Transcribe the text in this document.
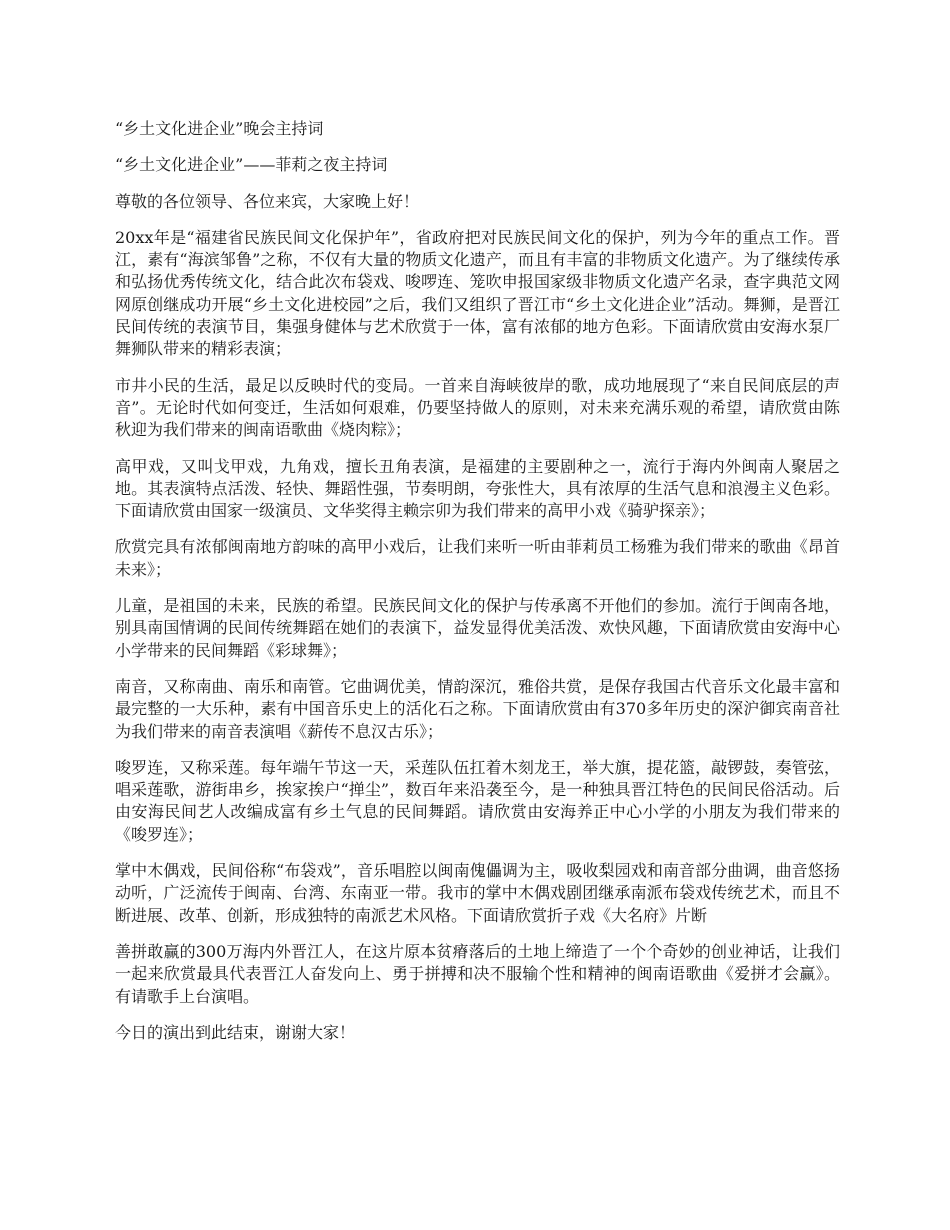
“乡土文化进企业”晚会主持词

“乡土文化进企业”——菲莉之夜主持词

尊敬的各位领导、各位来宾，大家晚上好！

20xx年是“福建省民族民间文化保护年”，省政府把对民族民间文化的保护，列为今年的重点工作。晋江，素有“海滨邹鲁”之称，不仅有大量的物质文化遗产，而且有丰富的非物质文化遗产。为了继续传承和弘扬优秀传统文化，结合此次布袋戏、唆啰连、笼吹申报国家级非物质文化遗产名录，查字典范文网网原创继成功开展“乡土文化进校园”之后，我们又组织了晋江市“乡土文化进企业”活动。舞狮，是晋江民间传统的表演节目，集强身健体与艺术欣赏于一体，富有浓郁的地方色彩。下面请欣赏由安海水泵厂舞狮队带来的精彩表演；

市井小民的生活，最足以反映时代的变局。一首来自海峡彼岸的歌，成功地展现了“来自民间底层的声音”。无论时代如何变迁，生活如何艰难，仍要坚持做人的原则，对未来充满乐观的希望，请欣赏由陈秋迎为我们带来的闽南语歌曲《烧肉粽》；

高甲戏，又叫戈甲戏，九角戏，擅长丑角表演，是福建的主要剧种之一，流行于海内外闽南人聚居之地。其表演特点活泼、轻快、舞蹈性强，节奏明朗，夸张性大，具有浓厚的生活气息和浪漫主义色彩。下面请欣赏由国家一级演员、文华奖得主赖宗卯为我们带来的高甲小戏《骑驴探亲》；

欣赏完具有浓郁闽南地方韵味的高甲小戏后，让我们来听一听由菲莉员工杨雅为我们带来的歌曲《昂首未来》；

儿童，是祖国的未来，民族的希望。民族民间文化的保护与传承离不开他们的参加。流行于闽南各地，别具南国情调的民间传统舞蹈在她们的表演下，益发显得优美活泼、欢快风趣，下面请欣赏由安海中心小学带来的民间舞蹈《彩球舞》；

南音，又称南曲、南乐和南管。它曲调优美，情韵深沉，雅俗共赏，是保存我国古代音乐文化最丰富和最完整的一大乐种，素有中国音乐史上的活化石之称。下面请欣赏由有370多年历史的深沪御宾南音社为我们带来的南音表演唱《薪传不息汉古乐》；

唆罗连，又称采莲。每年端午节这一天，采莲队伍扛着木刻龙王，举大旗，提花篮，敲锣鼓，奏管弦，唱采莲歌，游街串乡，挨家挨户“掸尘”，数百年来沿袭至今，是一种独具晋江特色的民间民俗活动。后由安海民间艺人改编成富有乡土气息的民间舞蹈。请欣赏由安海养正中心小学的小朋友为我们带来的《唆罗连》；

掌中木偶戏，民间俗称“布袋戏”，音乐唱腔以闽南傀儡调为主，吸收梨园戏和南音部分曲调，曲音悠扬动听，广泛流传于闽南、台湾、东南亚一带。我市的掌中木偶戏剧团继承南派布袋戏传统艺术，而且不断进展、改革、创新，形成独特的南派艺术风格。下面请欣赏折子戏《大名府》片断

善拼敢赢的300万海内外晋江人，在这片原本贫瘠落后的土地上缔造了一个个奇妙的创业神话，让我们一起来欣赏最具代表晋江人奋发向上、勇于拼搏和决不服输个性和精神的闽南语歌曲《爱拼才会赢》。有请歌手上台演唱。

今日的演出到此结束，谢谢大家！
